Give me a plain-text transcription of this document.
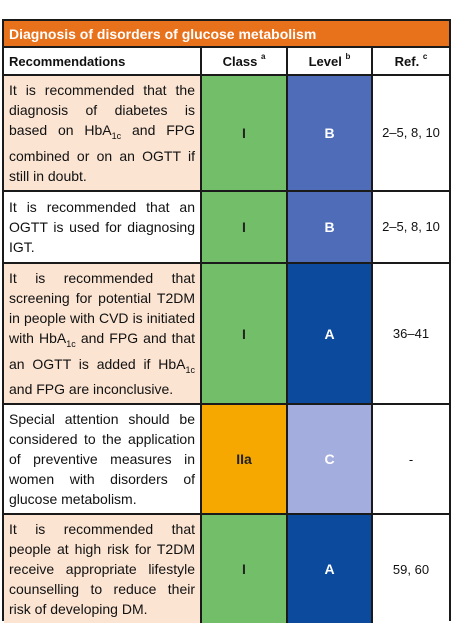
Diagnosis of disorders of glucose metabolism
Recommendations	Class $^a$	Level $^b$	Ref. $^c$
It is recommended that the diagnosis of diabetes is based on HbA$_{1c}$ and FPG combined or on an OGTT if still in doubt.	I	B	2–5, 8, 10
It is recommended that an OGTT is used for diagnosing IGT.	I	B	2–5, 8, 10
It is recommended that screening for potential T2DM in people with CVD is initiated with HbA$_{1c}$ and FPG and that an OGTT is added if HbA$_{1c}$ and FPG are inconclusive.	I	A	36–41
Special attention should be considered to the application of preventive measures in women with disorders of glucose metabolism.	IIa	C	-
It is recommended that people at high risk for T2DM receive appropriate lifestyle counselling to reduce their risk of developing DM.	I	A	59, 60
